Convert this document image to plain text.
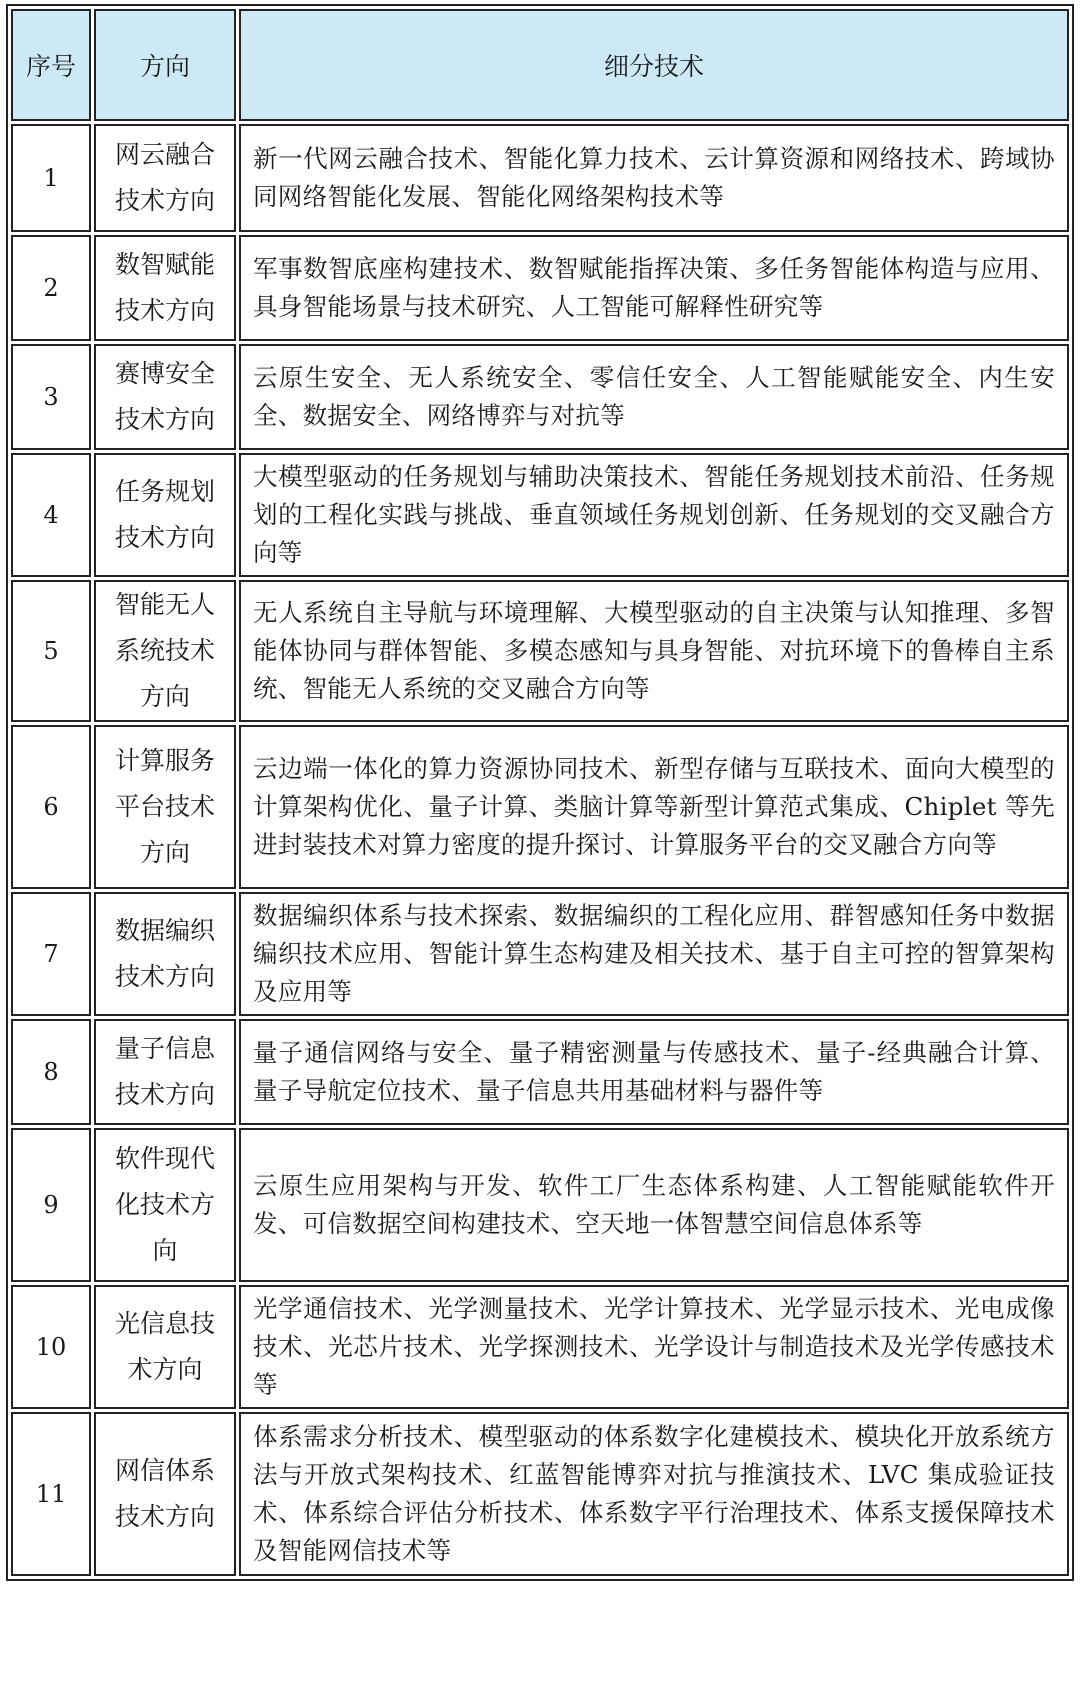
序号	方向	细分技术
1	网云融合技术方向	新一代网云融合技术、智能化算力技术、云计算资源和网络技术、跨域协同网络智能化发展、智能化网络架构技术等
2	数智赋能技术方向	军事数智底座构建技术、数智赋能指挥决策、多任务智能体构造与应用、具身智能场景与技术研究、人工智能可解释性研究等
3	赛博安全技术方向	云原生安全、无人系统安全、零信任安全、人工智能赋能安全、内生安全、数据安全、网络博弈与对抗等
4	任务规划技术方向	大模型驱动的任务规划与辅助决策技术、智能任务规划技术前沿、任务规划的工程化实践与挑战、垂直领域任务规划创新、任务规划的交叉融合方向等
5	智能无人系统技术方向	无人系统自主导航与环境理解、大模型驱动的自主决策与认知推理、多智能体协同与群体智能、多模态感知与具身智能、对抗环境下的鲁棒自主系统、智能无人系统的交叉融合方向等
6	计算服务平台技术方向	云边端一体化的算力资源协同技术、新型存储与互联技术、面向大模型的计算架构优化、量子计算、类脑计算等新型计算范式集成、Chiplet 等先进封装技术对算力密度的提升探讨、计算服务平台的交叉融合方向等
7	数据编织技术方向	数据编织体系与技术探索、数据编织的工程化应用、群智感知任务中数据编织技术应用、智能计算生态构建及相关技术、基于自主可控的智算架构及应用等
8	量子信息技术方向	量子通信网络与安全、量子精密测量与传感技术、量子-经典融合计算、量子导航定位技术、量子信息共用基础材料与器件等
9	软件现代化技术方向	云原生应用架构与开发、软件工厂生态体系构建、人工智能赋能软件开发、可信数据空间构建技术、空天地一体智慧空间信息体系等
10	光信息技术方向	光学通信技术、光学测量技术、光学计算技术、光学显示技术、光电成像技术、光芯片技术、光学探测技术、光学设计与制造技术及光学传感技术等
11	网信体系技术方向	体系需求分析技术、模型驱动的体系数字化建模技术、模块化开放系统方法与开放式架构技术、红蓝智能博弈对抗与推演技术、LVC 集成验证技术、体系综合评估分析技术、体系数字平行治理技术、体系支援保障技术及智能网信技术等
